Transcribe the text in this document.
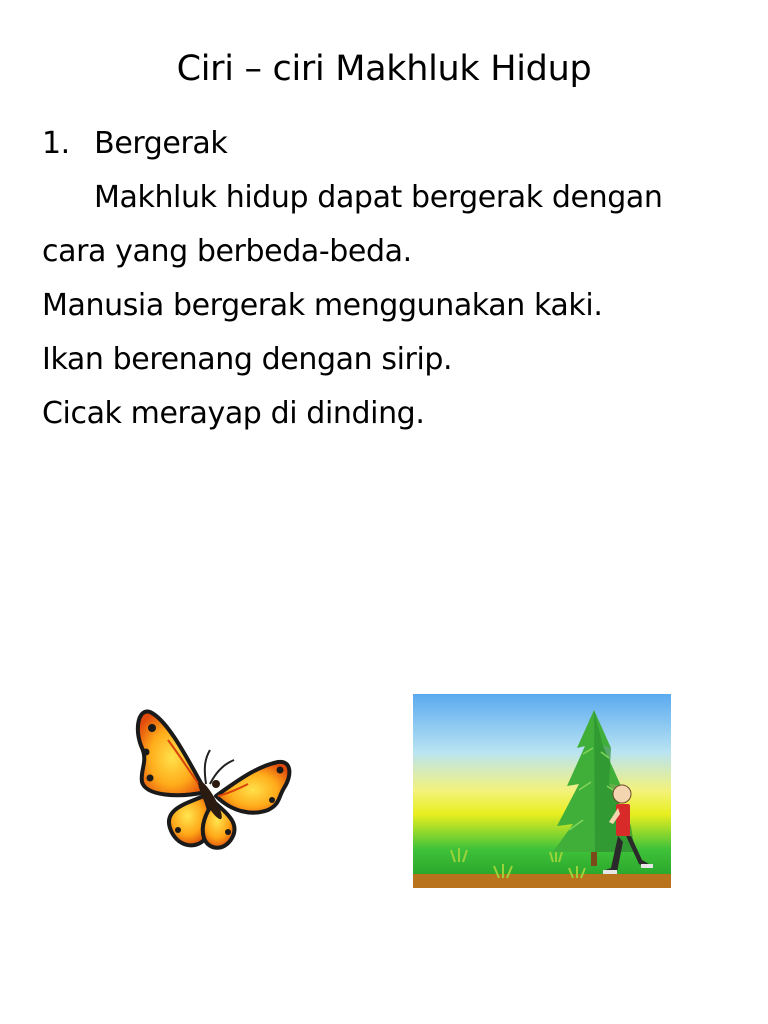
Ciri – ciri Makhluk Hidup
1. Bergerak
Makhluk hidup dapat bergerak dengan
cara yang berbeda-beda.
Manusia bergerak menggunakan kaki.
Ikan berenang dengan sirip.
Cicak merayap di dinding.
